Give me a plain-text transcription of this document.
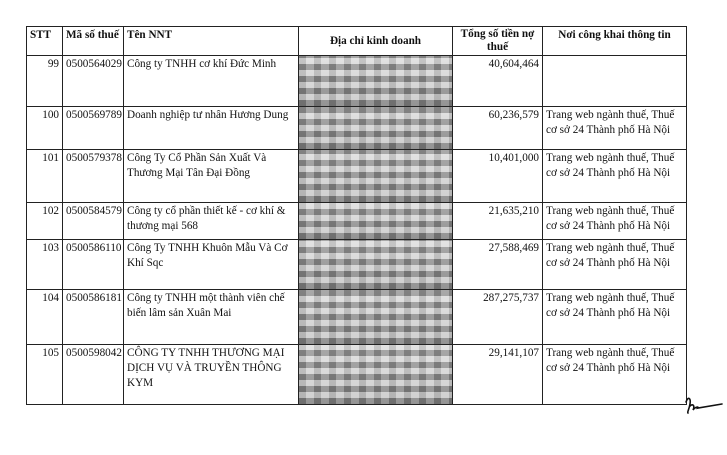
STT	Mã số thuế	Tên NNT	Địa chỉ kinh doanh	Tổng số tiền nợ thuế	Nơi công khai thông tin
99	0500564029	Công ty TNHH cơ khí Đức Minh		40,604,464	
100	0500569789	Doanh nghiệp tư nhân Hương Dung		60,236,579	Trang web ngành thuế, Thuế cơ sở 24 Thành phố Hà Nội
101	0500579378	Công Ty Cổ Phần Sản Xuất Và Thương Mại Tân Đại Đồng		10,401,000	Trang web ngành thuế, Thuế cơ sở 24 Thành phố Hà Nội
102	0500584579	Công ty cổ phần thiết kế - cơ khí & thương mại 568		21,635,210	Trang web ngành thuế, Thuế cơ sở 24 Thành phố Hà Nội
103	0500586110	Công Ty TNHH Khuôn Mẫu Và Cơ Khí Sqc		27,588,469	Trang web ngành thuế, Thuế cơ sở 24 Thành phố Hà Nội
104	0500586181	Công ty TNHH một thành viên chế biến lâm sản Xuân Mai		287,275,737	Trang web ngành thuế, Thuế cơ sở 24 Thành phố Hà Nội
105	0500598042	CÔNG TY TNHH THƯƠNG MẠI DỊCH VỤ VÀ TRUYỀN THÔNG KYM		29,141,107	Trang web ngành thuế, Thuế cơ sở 24 Thành phố Hà Nội
